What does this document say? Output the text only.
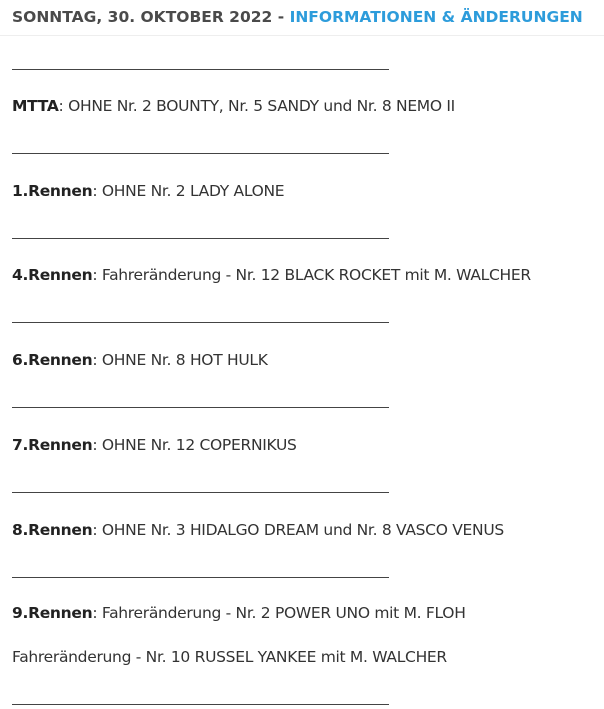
SONNTAG, 30. OKTOBER 2022 - INFORMATIONEN & ÄNDERUNGEN
MTTA: OHNE Nr. 2 BOUNTY, Nr. 5 SANDY und Nr. 8 NEMO II
1.Rennen: OHNE Nr. 2 LADY ALONE
4.Rennen: Fahreränderung - Nr. 12 BLACK ROCKET mit M. WALCHER
6.Rennen: OHNE Nr. 8 HOT HULK
7.Rennen: OHNE Nr. 12 COPERNIKUS
8.Rennen: OHNE Nr. 3 HIDALGO DREAM und Nr. 8 VASCO VENUS
9.Rennen: Fahreränderung - Nr. 2 POWER UNO mit M. FLOH
Fahreränderung - Nr. 10 RUSSEL YANKEE mit M. WALCHER
